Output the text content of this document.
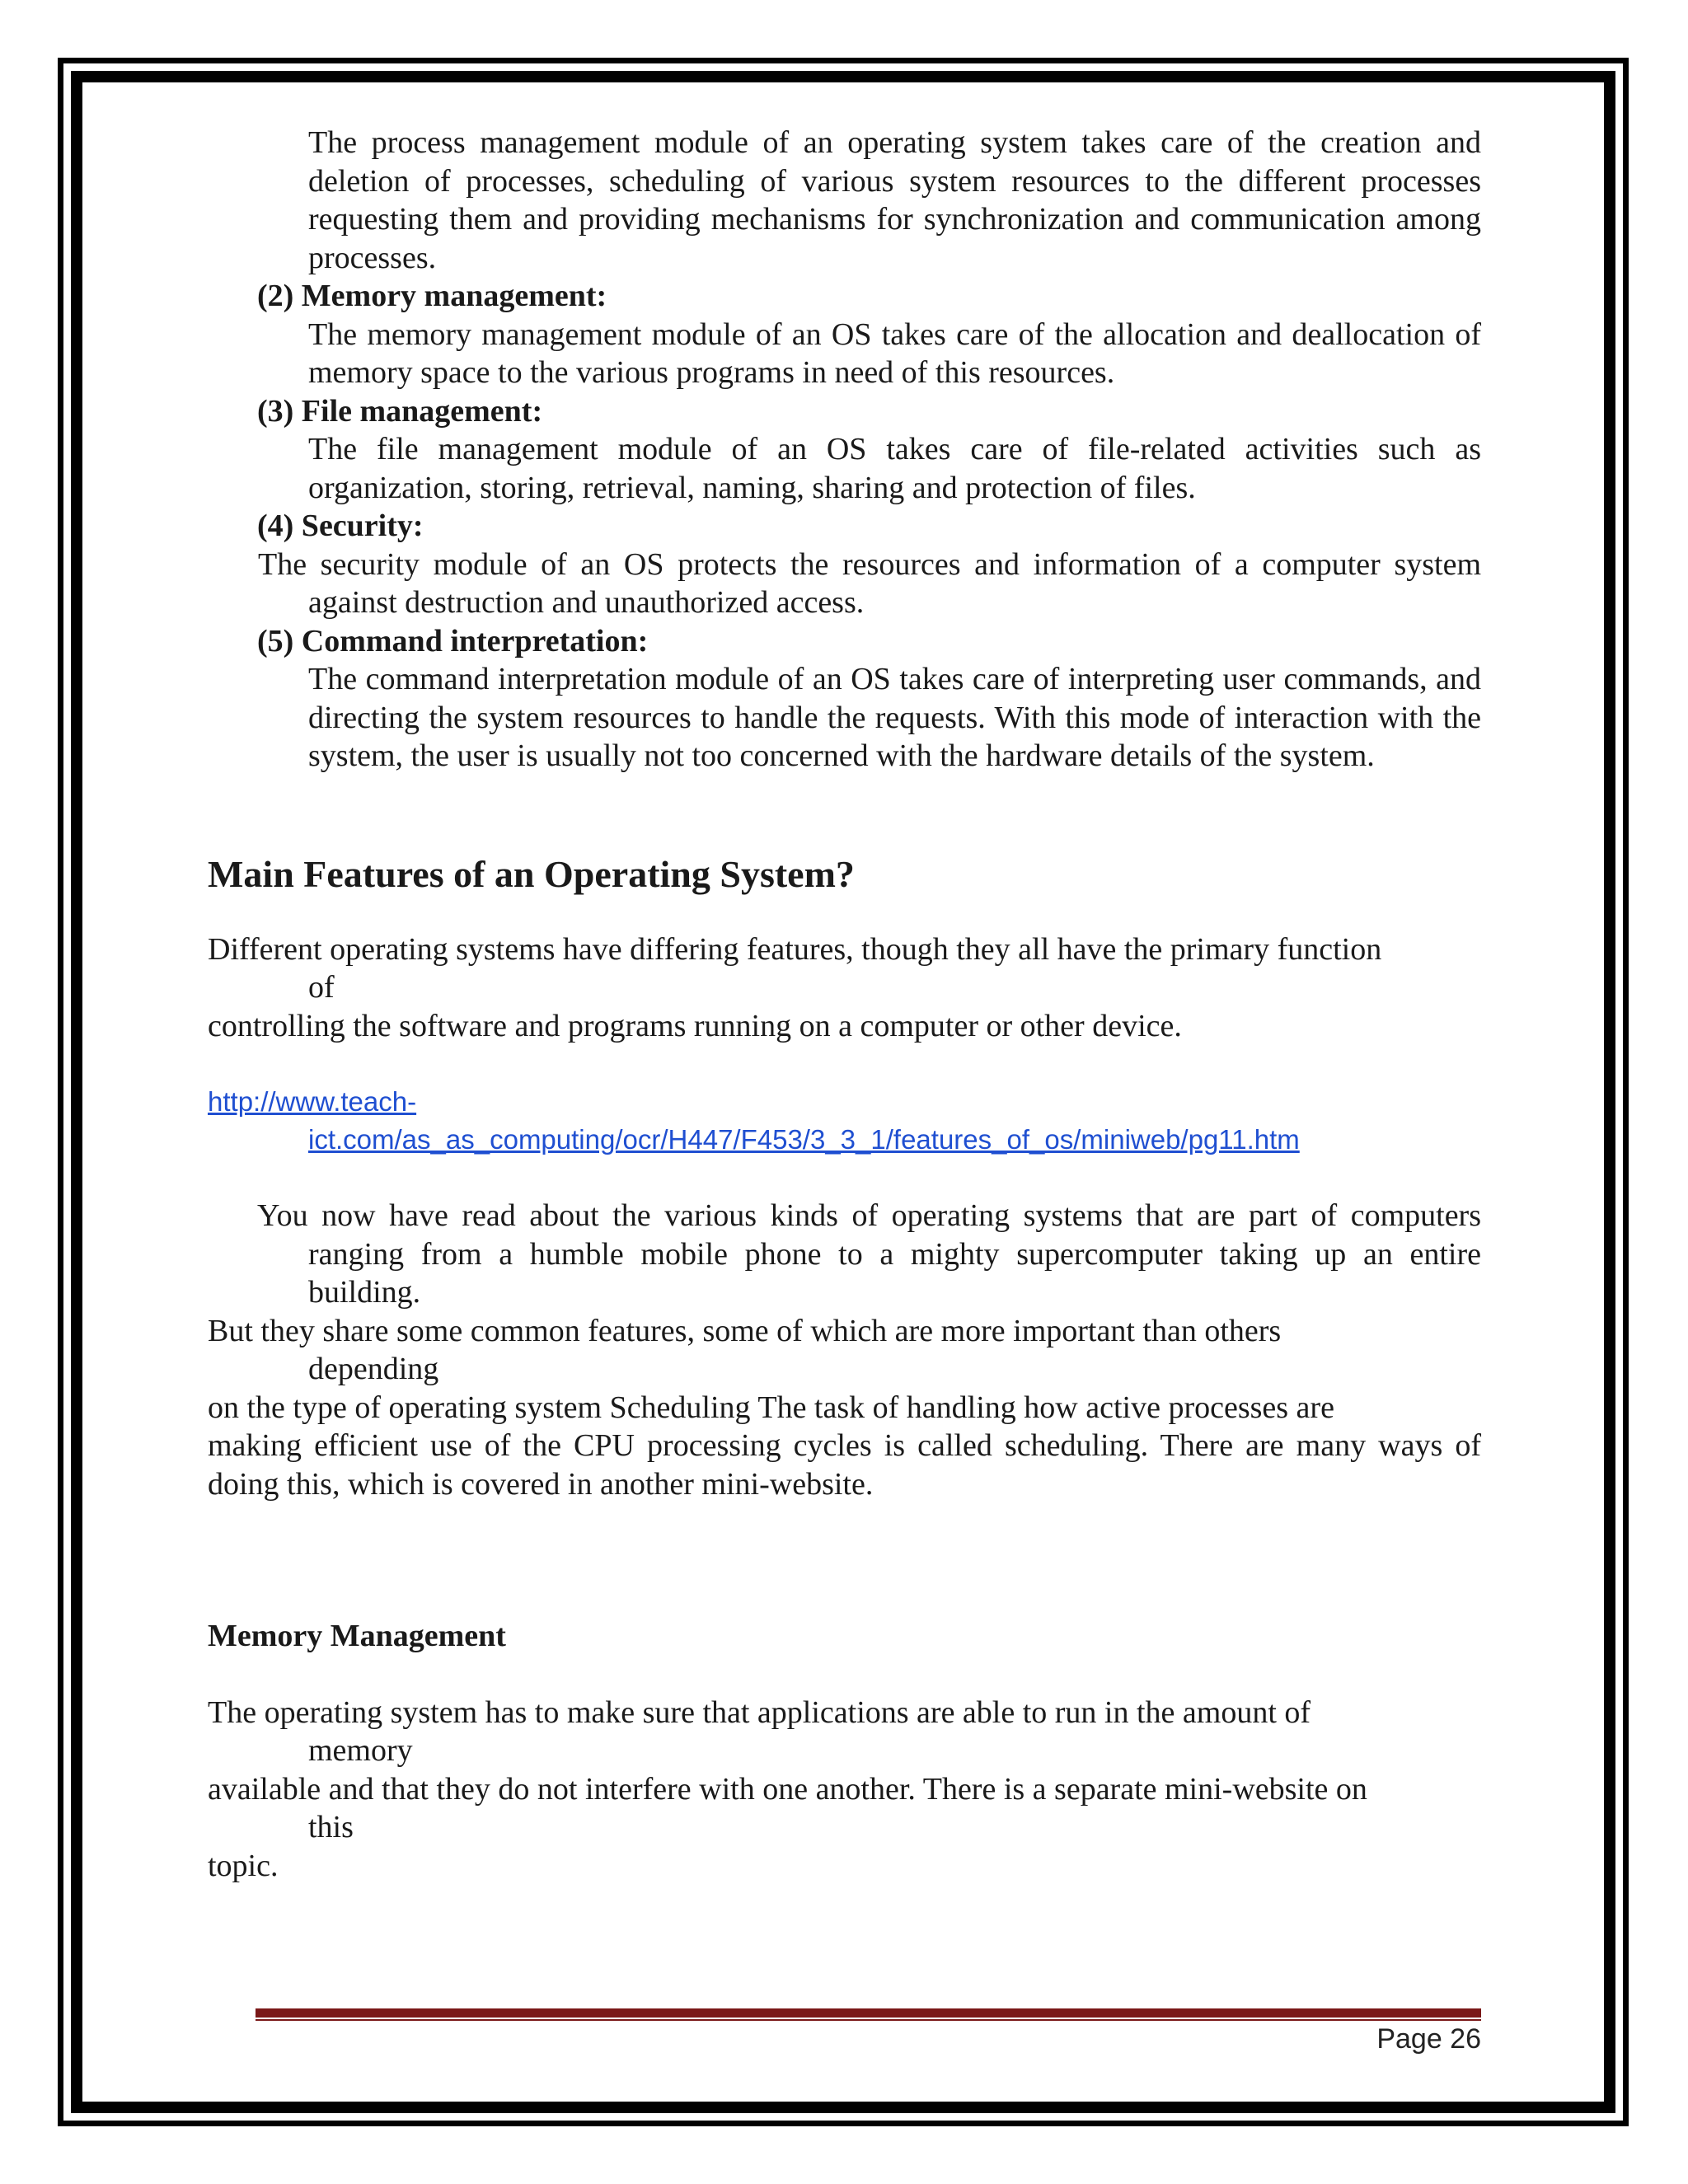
The process management module of an operating system takes care of the creation and deletion of processes, scheduling of various system resources to the different processes requesting them and providing mechanisms for synchronization and communication among processes.

(2) Memory management:

The memory management module of an OS takes care of the allocation and deallocation of memory space to the various programs in need of this resources.

(3) File management:

The file management module of an OS takes care of file-related activities such as organization, storing, retrieval, naming, sharing and protection of files.

(4) Security:

The security module of an OS protects the resources and information of a computer system against destruction and unauthorized access.

(5) Command interpretation:

The command interpretation module of an OS takes care of interpreting user commands, and directing the system resources to handle the requests. With this mode of interaction with the system, the user is usually not too concerned with the hardware details of the system.

Main Features of an Operating System?

Different operating systems have differing features, though they all have the primary function

of

controlling the software and programs running on a computer or other device.

http://www.teach-
ict.com/as_as_computing/ocr/H447/F453/3_3_1/features_of_os/miniweb/pg11.htm

You now have read about the various kinds of operating systems that are part of computers ranging from a humble mobile phone to a mighty supercomputer taking up an entire building.

But they share some common features, some of which are more important than others

depending

on the type of operating system Scheduling The task of handling how active processes are

making efficient use of the CPU processing cycles is called scheduling. There are many ways of doing this, which is covered in another mini-website.

Memory Management

The operating system has to make sure that applications are able to run in the amount of

memory

available and that they do not interfere with one another. There is a separate mini-website on

this

topic.

Page 26
